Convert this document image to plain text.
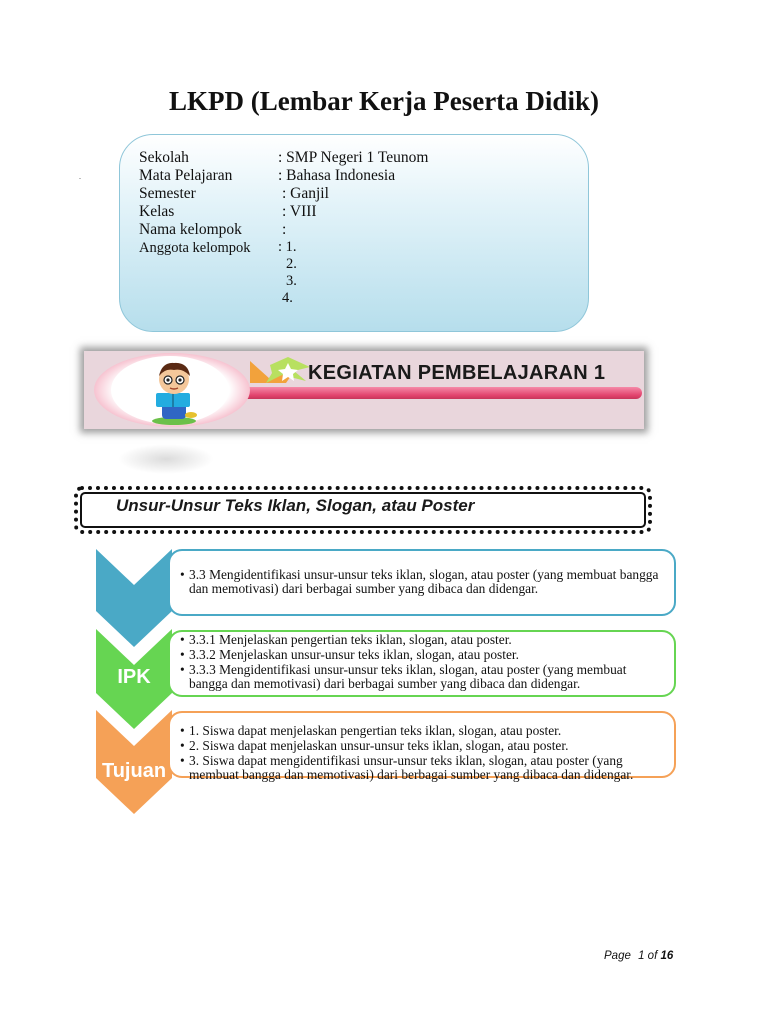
LKPD (Lembar Kerja Peserta Didik)
.
Sekolah	: SMP Negeri 1 Teunom
Mata Pelajaran	: Bahasa Indonesia
Semester	: Ganjil
Kelas	: VIII
Nama kelompok	:
Anggota kelompok : 1.
2.
3.
4.
KEGIATAN PEMBELAJARAN 1
Unsur-Unsur Teks Iklan, Slogan, atau Poster
IPK
Tujuan
• 3.3 Mengidentifikasi unsur-unsur teks iklan, slogan, atau poster (yang membuat bangga dan memotivasi) dari berbagai sumber yang dibaca dan didengar.
• 3.3.1 Menjelaskan pengertian teks iklan, slogan, atau poster.
• 3.3.2 Menjelaskan unsur-unsur teks iklan, slogan, atau poster.
• 3.3.3 Mengidentifikasi unsur-unsur teks iklan, slogan, atau poster (yang membuat bangga dan memotivasi) dari berbagai sumber yang dibaca dan didengar.
• 1. Siswa dapat menjelaskan pengertian teks iklan, slogan, atau poster.
• 2. Siswa dapat menjelaskan unsur-unsur teks iklan, slogan, atau poster.
• 3. Siswa dapat mengidentifikasi unsur-unsur teks iklan, slogan, atau poster (yang
membuat bangga dan memotivasi) dari berbagai sumber yang dibaca dan didengar.
Page 1 of 16
